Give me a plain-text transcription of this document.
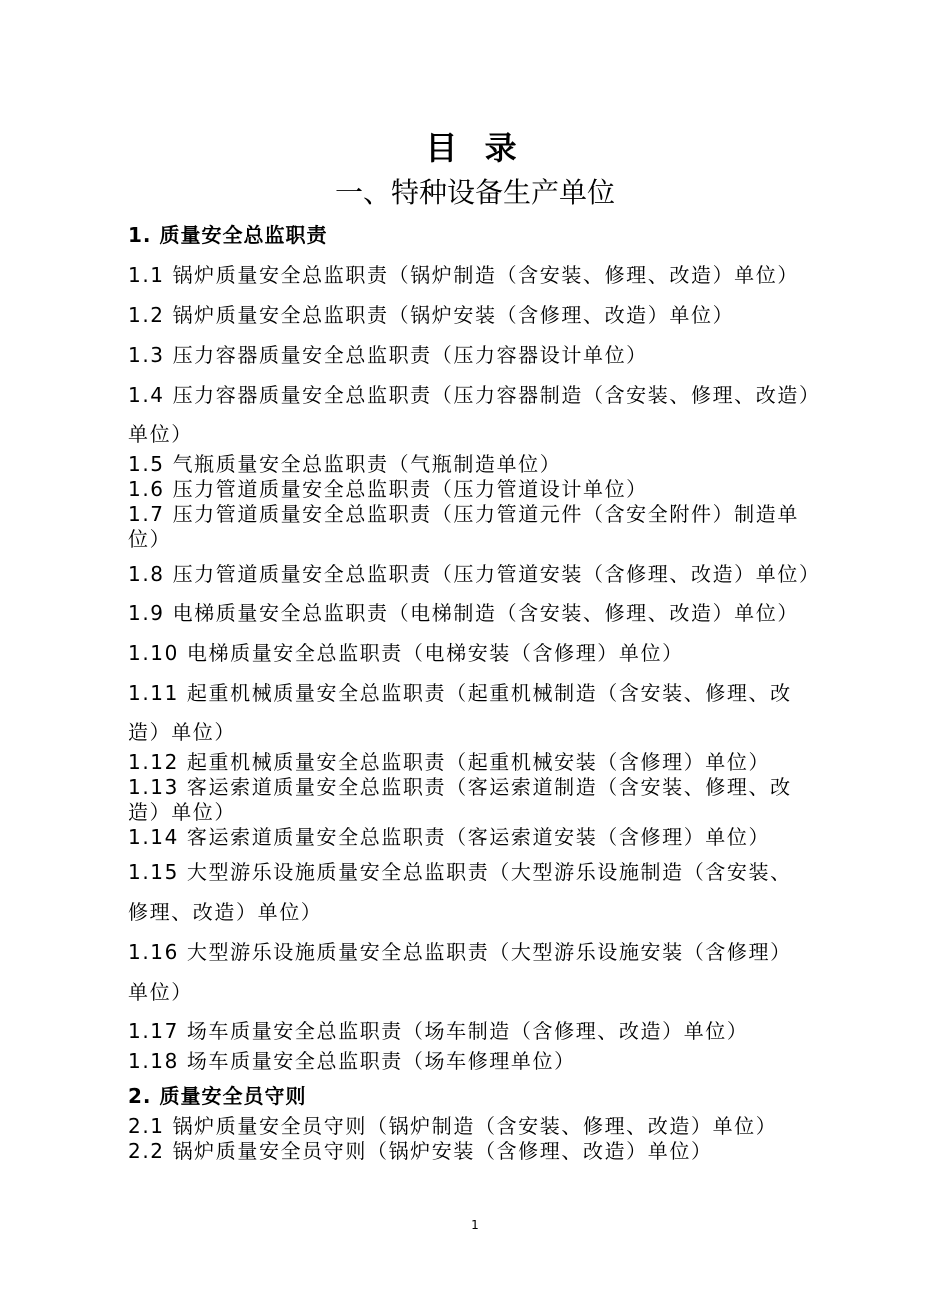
目 录
一、特种设备生产单位
1. 质量安全总监职责
1.1 锅炉质量安全总监职责（锅炉制造（含安装、修理、改造）单位）
1.2 锅炉质量安全总监职责（锅炉安装（含修理、改造）单位）
1.3 压力容器质量安全总监职责（压力容器设计单位）
1.4 压力容器质量安全总监职责（压力容器制造（含安装、修理、改造）
单位）
1.5 气瓶质量安全总监职责（气瓶制造单位）
1.6 压力管道质量安全总监职责（压力管道设计单位）
1.7 压力管道质量安全总监职责（压力管道元件（含安全附件）制造单
位）
1.8 压力管道质量安全总监职责（压力管道安装（含修理、改造）单位）
1.9 电梯质量安全总监职责（电梯制造（含安装、修理、改造）单位）
1.10 电梯质量安全总监职责（电梯安装（含修理）单位）
1.11 起重机械质量安全总监职责（起重机械制造（含安装、修理、改
造）单位）
1.12 起重机械质量安全总监职责（起重机械安装（含修理）单位）
1.13 客运索道质量安全总监职责（客运索道制造（含安装、修理、改
造）单位）
1.14 客运索道质量安全总监职责（客运索道安装（含修理）单位）
1.15 大型游乐设施质量安全总监职责（大型游乐设施制造（含安装、
修理、改造）单位）
1.16 大型游乐设施质量安全总监职责（大型游乐设施安装（含修理）
单位）
1.17 场车质量安全总监职责（场车制造（含修理、改造）单位）
1.18 场车质量安全总监职责（场车修理单位）
2. 质量安全员守则
2.1 锅炉质量安全员守则（锅炉制造（含安装、修理、改造）单位）
2.2 锅炉质量安全员守则（锅炉安装（含修理、改造）单位）
1
